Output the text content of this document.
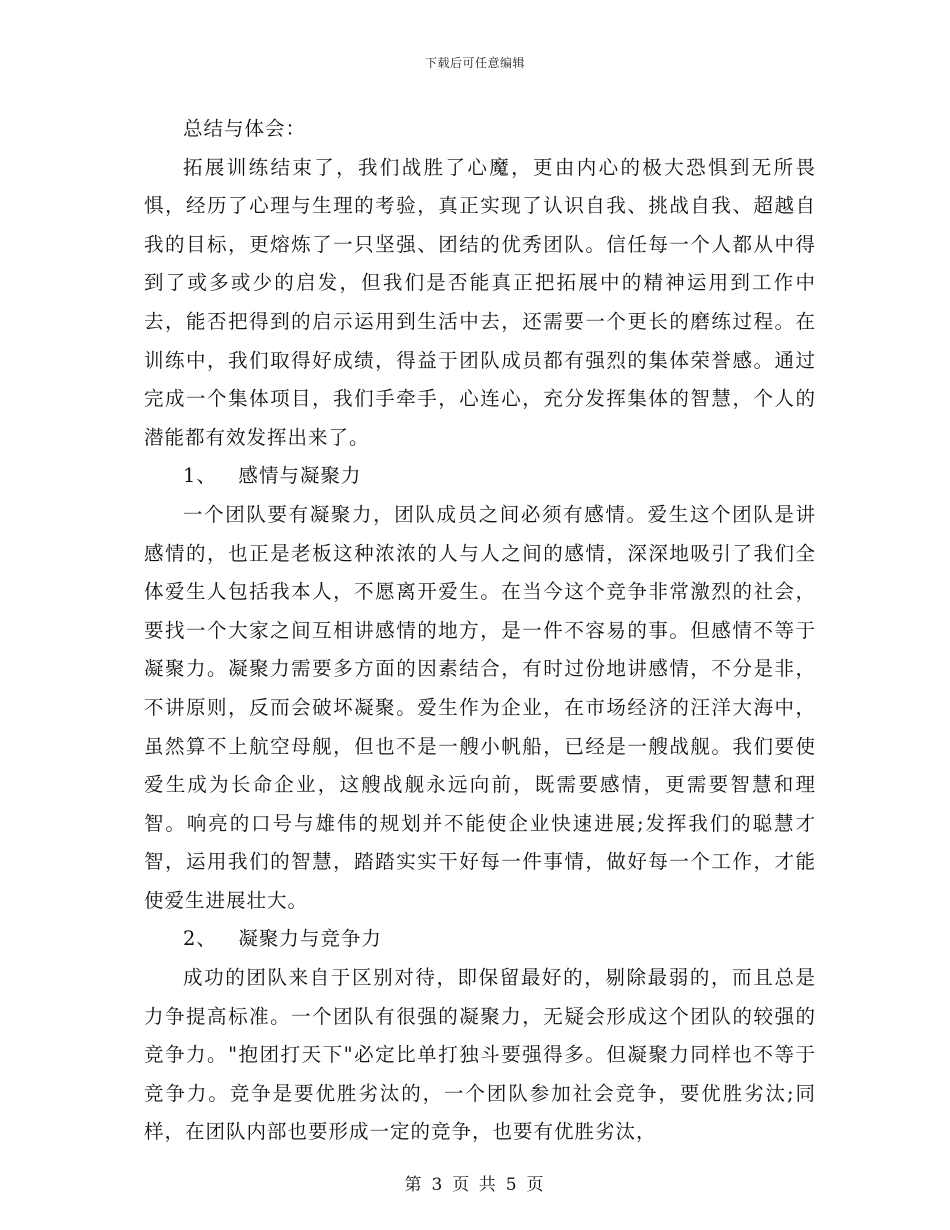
下载后可任意编辑

总结与体会：

拓展训练结束了，我们战胜了心魔，更由内心的极大恐惧到无所畏惧，经历了心理与生理的考验，真正实现了认识自我、挑战自我、超越自我的目标，更熔炼了一只坚强、团结的优秀团队。信任每一个人都从中得到了或多或少的启发，但我们是否能真正把拓展中的精神运用到工作中去，能否把得到的启示运用到生活中去，还需要一个更长的磨练过程。在训练中，我们取得好成绩，得益于团队成员都有强烈的集体荣誉感。通过完成一个集体项目，我们手牵手，心连心，充分发挥集体的智慧，个人的潜能都有效发挥出来了。

1、 感情与凝聚力

一个团队要有凝聚力，团队成员之间必须有感情。爱生这个团队是讲感情的，也正是老板这种浓浓的人与人之间的感情，深深地吸引了我们全体爱生人包括我本人，不愿离开爱生。在当今这个竞争非常激烈的社会，要找一个大家之间互相讲感情的地方，是一件不容易的事。但感情不等于凝聚力。凝聚力需要多方面的因素结合，有时过份地讲感情，不分是非，不讲原则，反而会破坏凝聚。爱生作为企业，在市场经济的汪洋大海中，虽然算不上航空母舰，但也不是一艘小帆船，已经是一艘战舰。我们要使爱生成为长命企业，这艘战舰永远向前，既需要感情，更需要智慧和理智。响亮的口号与雄伟的规划并不能使企业快速进展;发挥我们的聪慧才智，运用我们的智慧，踏踏实实干好每一件事情，做好每一个工作，才能使爱生进展壮大。

2、 凝聚力与竞争力

成功的团队来自于区别对待，即保留最好的，剔除最弱的，而且总是力争提高标准。一个团队有很强的凝聚力，无疑会形成这个团队的较强的竞争力。"抱团打天下"必定比单打独斗要强得多。但凝聚力同样也不等于竞争力。竞争是要优胜劣汰的，一个团队参加社会竞争，要优胜劣汰;同样，在团队内部也要形成一定的竞争，也要有优胜劣汰，

第 3 页 共 5 页
